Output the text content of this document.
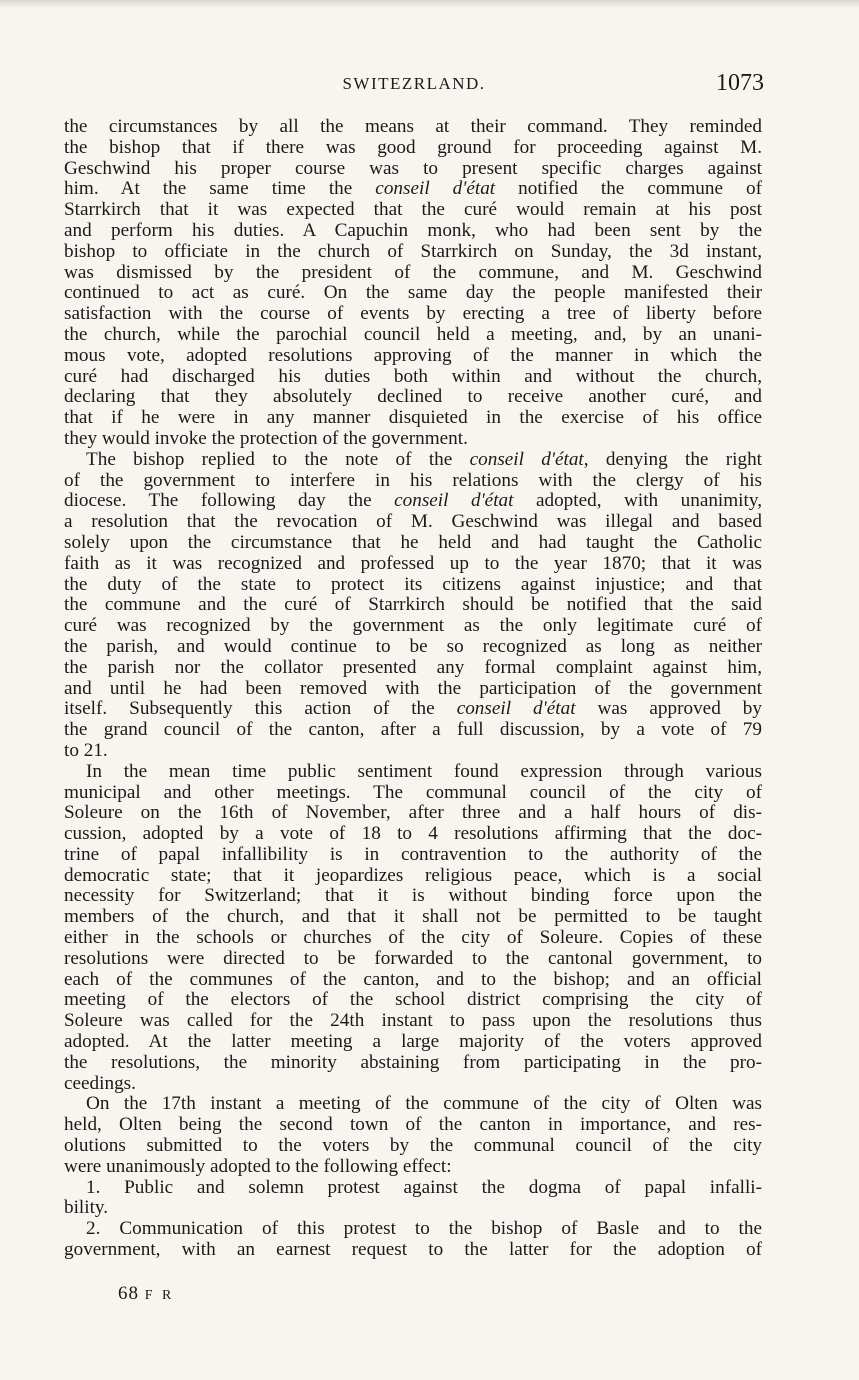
SWITEZRLAND.	1073
the circumstances by all the means at their command. They reminded
the bishop that if there was good ground for proceeding against M.
Geschwind his proper course was to present specific charges against
him. At the same time the conseil d'état notified the commune of
Starrkirch that it was expected that the curé would remain at his post
and perform his duties. A Capuchin monk, who had been sent by the
bishop to officiate in the church of Starrkirch on Sunday, the 3d instant,
was dismissed by the president of the commune, and M. Geschwind
continued to act as curé. On the same day the people manifested their
satisfaction with the course of events by erecting a tree of liberty before
the church, while the parochial council held a meeting, and, by an unani-
mous vote, adopted resolutions approving of the manner in which the
curé had discharged his duties both within and without the church,
declaring that they absolutely declined to receive another curé, and
that if he were in any manner disquieted in the exercise of his office
they would invoke the protection of the government.
The bishop replied to the note of the conseil d'état, denying the right
of the government to interfere in his relations with the clergy of his
diocese. The following day the conseil d'état adopted, with unanimity,
a resolution that the revocation of M. Geschwind was illegal and based
solely upon the circumstance that he held and had taught the Catholic
faith as it was recognized and professed up to the year 1870; that it was
the duty of the state to protect its citizens against injustice; and that
the commune and the curé of Starrkirch should be notified that the said
curé was recognized by the government as the only legitimate curé of
the parish, and would continue to be so recognized as long as neither
the parish nor the collator presented any formal complaint against him,
and until he had been removed with the participation of the government
itself. Subsequently this action of the conseil d'état was approved by
the grand council of the canton, after a full discussion, by a vote of 79
to 21.
In the mean time public sentiment found expression through various
municipal and other meetings. The communal council of the city of
Soleure on the 16th of November, after three and a half hours of dis-
cussion, adopted by a vote of 18 to 4 resolutions affirming that the doc-
trine of papal infallibility is in contravention to the authority of the
democratic state; that it jeopardizes religious peace, which is a social
necessity for Switzerland; that it is without binding force upon the
members of the church, and that it shall not be permitted to be taught
either in the schools or churches of the city of Soleure. Copies of these
resolutions were directed to be forwarded to the cantonal government, to
each of the communes of the canton, and to the bishop; and an official
meeting of the electors of the school district comprising the city of
Soleure was called for the 24th instant to pass upon the resolutions thus
adopted. At the latter meeting a large majority of the voters approved
the resolutions, the minority abstaining from participating in the pro-
ceedings.
On the 17th instant a meeting of the commune of the city of Olten was
held, Olten being the second town of the canton in importance, and res-
olutions submitted to the voters by the communal council of the city
were unanimously adopted to the following effect:
1. Public and solemn protest against the dogma of papal infalli-
bility.
2. Communication of this protest to the bishop of Basle and to the
government, with an earnest request to the latter for the adoption of
68 F R
